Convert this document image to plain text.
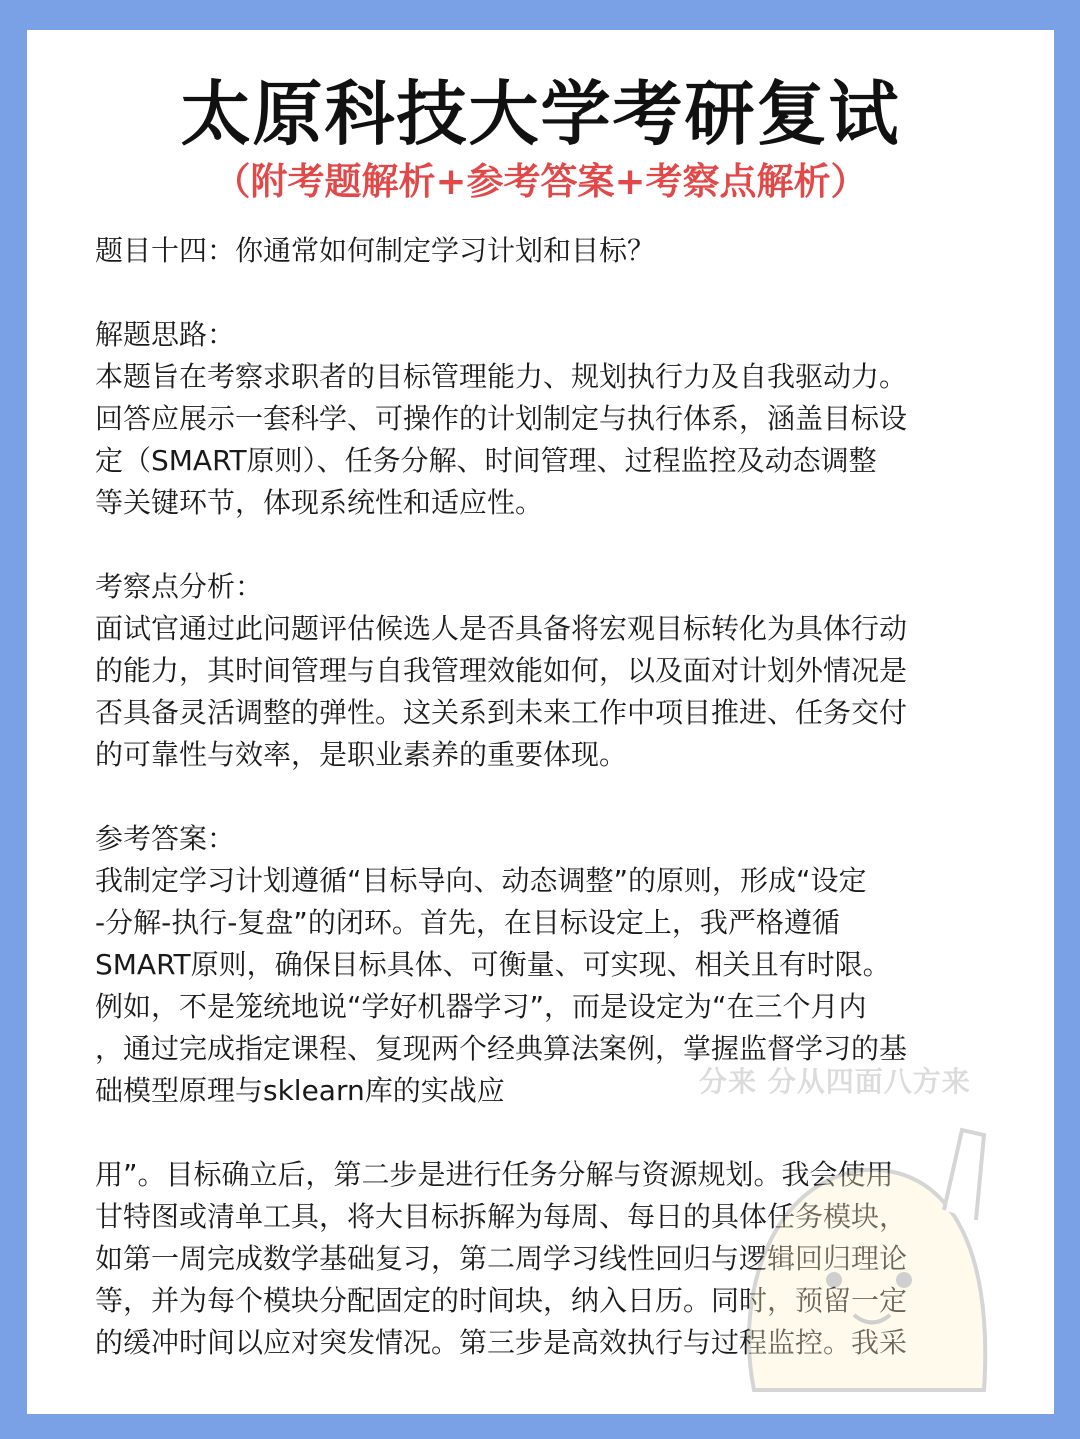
太原科技大学考研复试
（附考题解析+参考答案+考察点解析）

题目十四：你通常如何制定学习计划和目标？

解题思路：

本题旨在考察求职者的目标管理能力、规划执行力及自我驱动力。

回答应展示一套科学、可操作的计划制定与执行体系，涵盖目标设

定（SMART原则）、任务分解、时间管理、过程监控及动态调整

等关键环节，体现系统性和适应性。

考察点分析：

面试官通过此问题评估候选人是否具备将宏观目标转化为具体行动

的能力，其时间管理与自我管理效能如何，以及面对计划外情况是

否具备灵活调整的弹性。这关系到未来工作中项目推进、任务交付

的可靠性与效率，是职业素养的重要体现。

参考答案：

我制定学习计划遵循“目标导向、动态调整”的原则，形成“设定

-分解-执行-复盘”的闭环。首先，在目标设定上，我严格遵循

SMART原则，确保目标具体、可衡量、可实现、相关且有时限。

例如，不是笼统地说“学好机器学习”，而是设定为“在三个月内

，通过完成指定课程、复现两个经典算法案例，掌握监督学习的基

础模型原理与sklearn库的实战应

用”。目标确立后，第二步是进行任务分解与资源规划。我会使用

甘特图或清单工具，将大目标拆解为每周、每日的具体任务模块，

如第一周完成数学基础复习，第二周学习线性回归与逻辑回归理论

等，并为每个模块分配固定的时间块，纳入日历。同时，预留一定

的缓冲时间以应对突发情况。第三步是高效执行与过程监控。我采

分来 分从四面八方来
